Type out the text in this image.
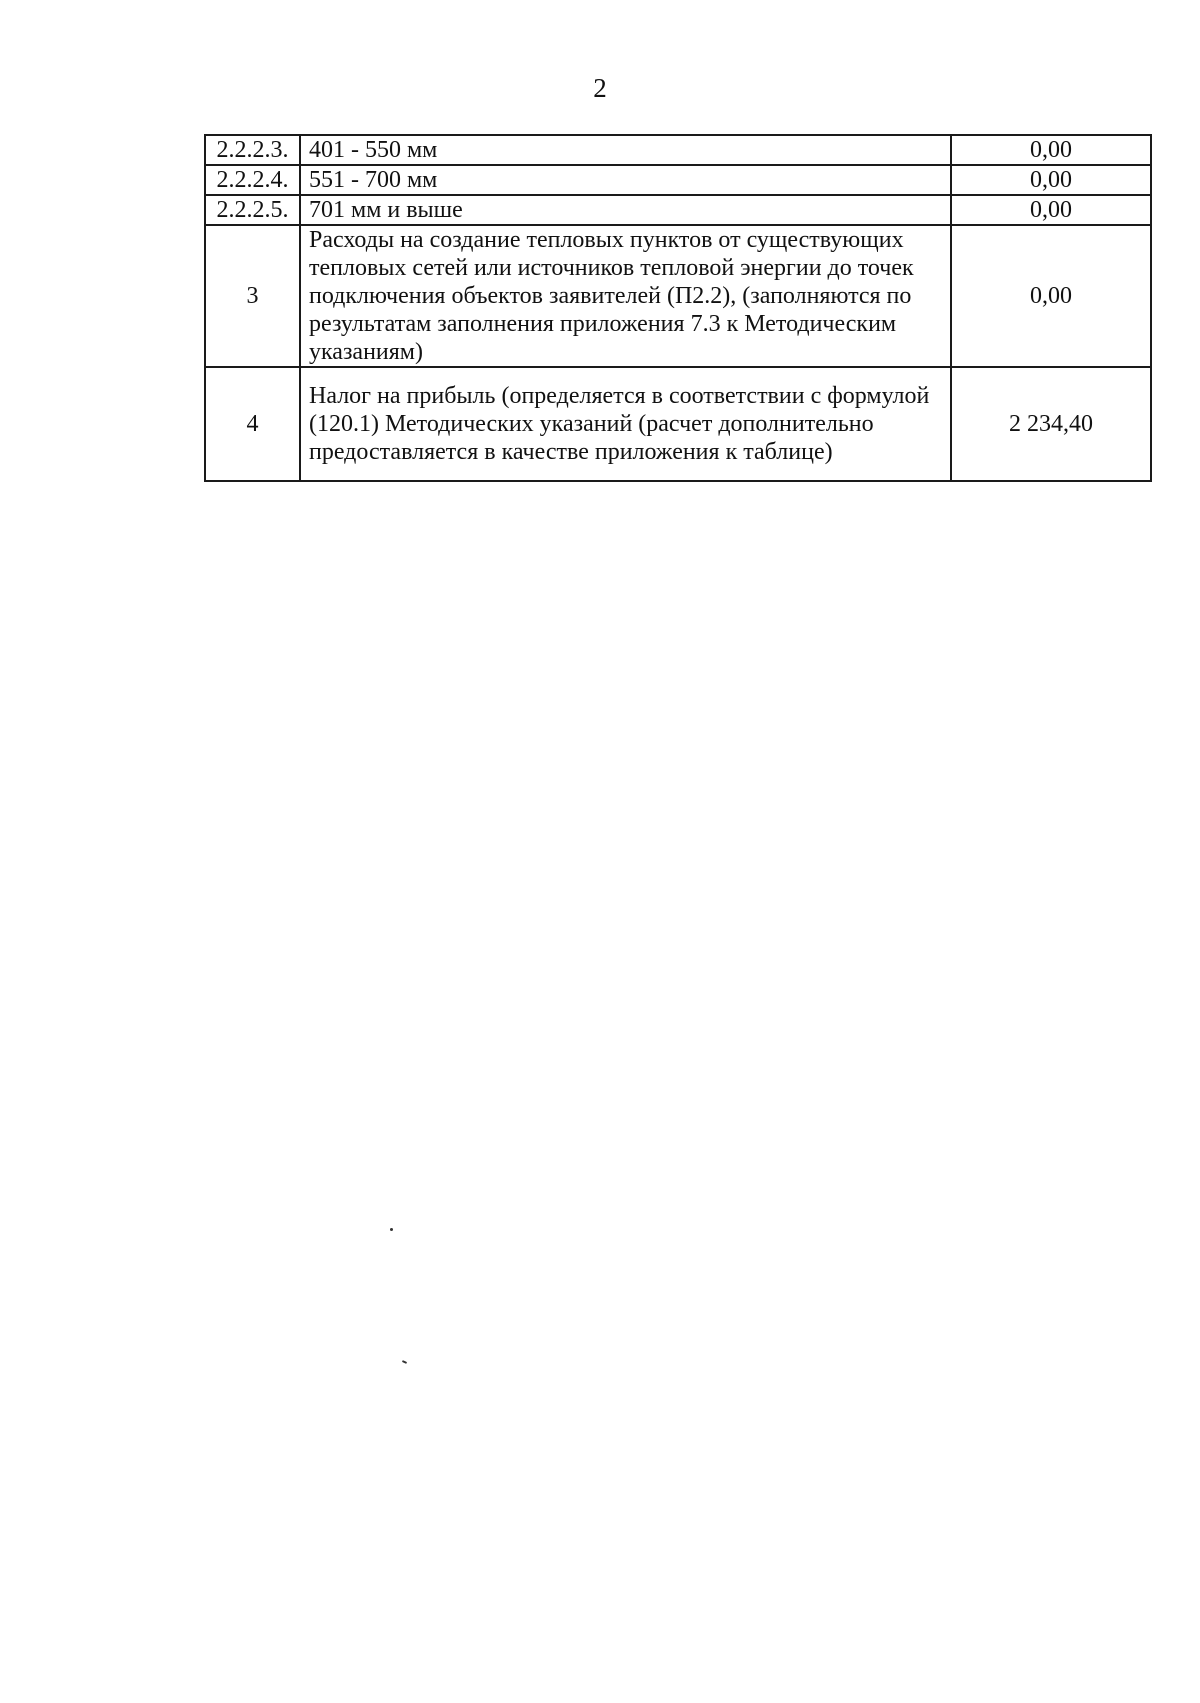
2
2.2.2.3.	401 - 550 мм	0,00
2.2.2.4.	551 - 700 мм	0,00
2.2.2.5.	701 мм и выше	0,00
3	Расходы на создание тепловых пунктов от существующих тепловых сетей или источников тепловой энергии до точек подключения объектов заявителей (П2.2), (заполняются по результатам заполнения приложения 7.3 к Методическим указаниям)	0,00
4	Налог на прибыль (определяется в соответствии с формулой (120.1) Методических указаний (расчет дополнительно предоставляется в качестве приложения к таблице)	2 234,40
